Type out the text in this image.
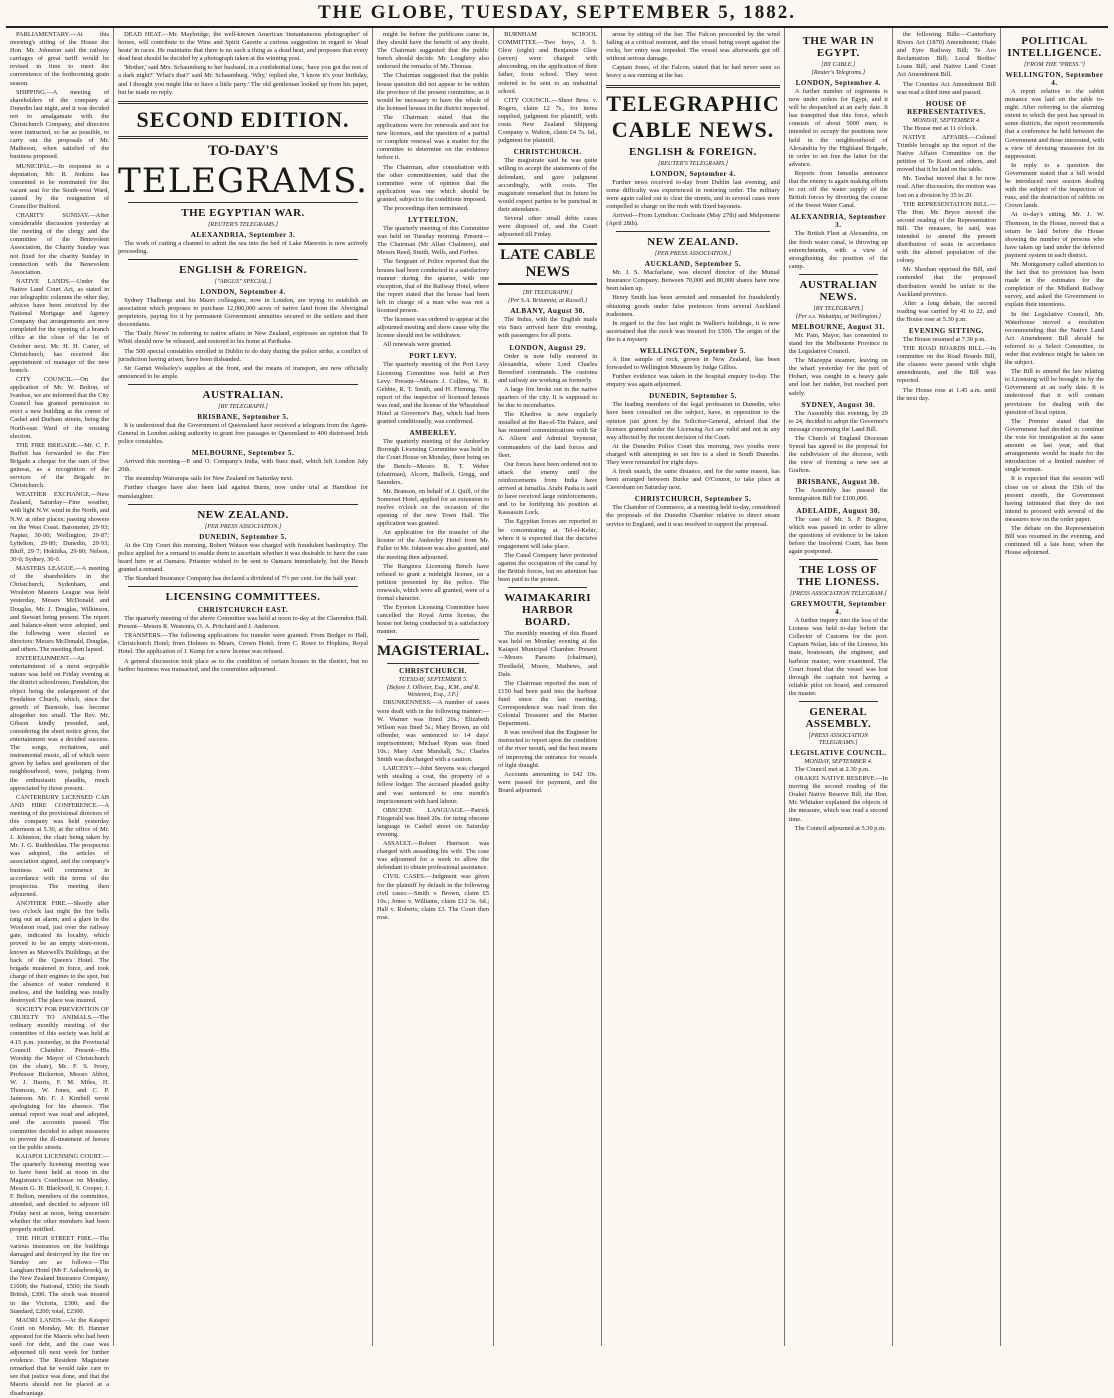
THE GLOBE, TUESDAY, SEPTEMBER 5, 1882.
PARLIAMENTARY.—At this morning's sitting of the House the Hon. Mr. Johnston said the railway carriages of great tariff would be revised in time to meet the convenience of the forthcoming grain season.
SHIPPING.—A meeting of shareholders of the company at Dunedin last night, and it was decided not to amalgamate with the Christchurch Company, and directors were instructed, so far as possible, to carry out the proposals of Mr. Matheson, when satisfied of the business proposed.
MUNICIPAL.—In response to a deputation, Mr. R. Jenkins has consented to be nominated for the vacant seat for the South-west Ward, caused by the resignation of Councillor Bulford.
CHARITY SUNDAY.—After considerable discussion yesterday at the meeting of the clergy and the committee of the Benevolent Association, the Charity Sunday was not fixed for the charity Sunday in connection with the Benevolent Association.
NATIVE LANDS.—Under the Native Land Court Act, as stated in our telegraphic columns the other day, advices have been received by the National Mortgage and Agency Company that arrangements are now completed for the opening of a branch office at the close of the 1st of October next. Mr. H. H. Carter, of Christchurch, has received the appointment of manager of the new branch.
CITY COUNCIL.—On the application of Mr. W. Bolton, of Ivanhoe, we are informed that the City Council has granted permission to erect a new building at the corner of Cashel and Durham streets, being the North-east Ward of the ensuing election.
THE FIRE BRIGADE.—Mr. C. F. Buffett has forwarded to the Fire Brigade a cheque for the sum of five guineas, as a recognition of the services of the Brigade in Christchurch.
WEATHER EXCHANGE.—New Zealand, Saturday—Fine weather, with light N.W. wind in the North, and N.W. at other places; passing showers on the West Coast. Barometer, 29·93; Napier, 30·00; Wellington, 29·87; Lyttelton, 29·80; Dunedin, 29·93; Bluff, 29·7; Hokitika, 29·80; Nelson, 30·0; Sydney, 30·0.
MASTERS LEAGUE.—A meeting of the shareholders in the Christchurch, Sydenham, and Woolston Masters League was held yesterday, Messrs McDonald and Douglas, Mr. J. Douglas, Wilkinson, and Stewart being present. The report and balance-sheet were adopted, and the following were elected as directors: Messrs McDonald, Douglas, and others. The meeting then lapsed.
ENTERTAINMENT.—An entertainment of a most enjoyable nature was held on Friday evening at the district schoolroom, Fendalton, the object being the enlargement of the Fendalton Church, which, since the growth of Burnside, has become altogether too small. The Rev. Mr. Gibson kindly presided, and, considering the short notice given, the entertainment was a decided success. The songs, recitations, and instrumental music, all of which were given by ladies and gentlemen of the neighbourhood, were, judging from the enthusiastic plaudits, much appreciated by those present.
CANTERBURY LICENSED CAB AND HIRE CONFERENCE.—A meeting of the provisional directors of this company was held yesterday afternoon at 5.30, at the office of Mr. J. Johnston, the chair being taken by Mr. J. G. Ruddenklau. The prospectus was adopted, the articles of association signed, and the company's business will commence in accordance with the terms of the prospectus. The meeting then adjourned.
ANOTHER FIRE.—Shortly after two o'clock last night the fire bells rang out an alarm, and a glare in the Woolston road, just over the railway gate, indicated its locality, which proved to be an empty store-room, known as Maxwell's Buildings, at the back of the Queen's Hotel. The brigade mustered in force, and took charge of their engines to the spot, but the absence of water rendered it useless, and the building was totally destroyed. The place was insured.
SOCIETY FOR PREVENTION OF CRUELTY TO ANIMALS.—The ordinary monthly meeting of the committee of this society was held at 4.15 p.m. yesterday, in the Provincial Council Chamber. Present—His Worship the Mayor of Christchurch (in the chair), Mr. F. S. Ivory, Professor Bickerton, Messrs Abbot, W. J. Harris, F. M. Miles, H. Thomson, W. Jones, and C. P. Jameson. Mr. F. J. Kimbell wrote apologising for his absence. The annual report was read and adopted, and the accounts passed. The committee decided to adopt measures to prevent the ill-treatment of horses on the public streets.
KAIAPOI LICENSING COURT.—The quarterly licensing meeting was to have been held at noon in the Magistrate's Courthouse on Monday. Messrs G. H. Blackwell, S. Cooper, J. F. Bolton, members of the committee, attended, and decided to adjourn till Friday next at noon, being uncertain whether the other members had been properly notified.
THE HIGH STREET FIRE.—The various insurances on the buildings damaged and destroyed by the fire on Sunday are as follows:—The Langham Hotel (Mr F. Aulsebrook), in the New Zealand Insurance Company, £1000; the National, £500; the South British, £300. The stock was insured in the Victoria, £300; and the Standard, £200; total, £2300.
MAORI LANDS.—At the Kaiapoi Court on Monday, Mr. H. Hanmer appeared for the Maoris who had been sued for debt, and the case was adjourned till next week for further evidence. The Resident Magistrate remarked that he would take care to see that justice was done, and that the Maoris should not be placed at a disadvantage.
DEAD HEAT.—Mr. Maybridge, the well-known American 'instantaneous photographer' of horses, will contribute to the Wine and Spirit Gazette a curious suggestion in regard to 'dead heats' in races. He maintains that there is no such a thing as a dead heat, and proposes that every dead heat should be decided by a photograph taken at the winning post.
'Mother,' said Mrs. Schaumburg to her husband, in a confidential tone, 'have you got the rest of a dark night?' 'What's that?' said Mr. Schaumburg. 'Why,' replied she, 'I know it's your birthday, and I thought you might like to have a little party.' The old gentleman looked up from his paper, but he made no reply.
SECOND EDITION.
TO-DAY'S
TELEGRAMS.
THE EGYPTIAN WAR.
[REUTER'S TELEGRAMS.]
ALEXANDRIA, September 3.
The work of cutting a channel to admit the sea into the bed of Lake Mareotis is now actively proceeding.
ENGLISH & FOREIGN.
["ARGUS" SPECIAL.]
LONDON, September 4.
Sydney Thalburgs and his Maori colleagues, now in London, are trying to establish an association which proposes to purchase 12,000,000 acres of native land from the Aboriginal proprietors, paying for it by permanent Government annuities secured to the settlers and their descendants.
The 'Daily News' in referring to native affairs in New Zealand, expresses an opinion that Te Whiti should now be released, and restored to his home at Parihaka.
The 500 special constables enrolled in Dublin to do duty during the police strike, a conflict of jurisdiction having arisen, have been disbanded.
Sir Garnet Wolseley's supplies at the front, and the means of transport, are now officially announced to be ample.
AUSTRALIAN.
[BY TELEGRAPH.]
BRISBANE, September 5.
It is understood that the Government of Queensland have received a telegram from the Agent-General in London asking authority to grant free passages to Queensland to 400 distressed Irish police constables.
MELBOURNE, September 5.
Arrived this morning—P. and O. Company's India, with Suez mail, which left London July 20th.
The steamship Wairarapa sails for New Zealand on Saturday next.
Further charges have also been laid against Burns, now under trial at Hamilton for manslaughter.
NEW ZEALAND.
[PER PRESS ASSOCIATION.]
DUNEDIN, September 5.
At the City Court this morning, Robert Watson was charged with fraudulent bankruptcy. The police applied for a remand to enable them to ascertain whether it was desirable to have the case heard here or at Oamaru. Prisoner wished to be sent to Oamaru immediately, but the Bench granted a remand.
The Standard Insurance Company has declared a dividend of 7½ per cent. for the half year.
LICENSING COMMITTEES.
CHRISTCHURCH EAST.
The quarterly meeting of the above Committee was held at noon to-day at the Clarendon Hall. Present—Messrs R. Westenra, O. A. Pritchard and J. Anderson.
TRANSFERS.—The following applications for transfer were granted: From Bodger to Hall, Christchurch Hotel; from Holmes to Mears, Crown Hotel; from C. Rowe to Hopkins, Royal Hotel. The application of J. Kemp for a new license was refused.
A general discussion took place as to the condition of certain houses in the district, but no further business was transacted, and the committee adjourned.
might be before the publicans came in, they should have the benefit of any doubt. The Chairman suggested that the public bench should decide. Mr. Loughrey also endorsed the remarks of Mr. Thomas.
The Chairman suggested that the public house question did not appear to be within the province of the present committee, as it would be necessary to have the whole of the licensed houses in the district inspected.
The Chairman stated that the applications were for renewals and not for new licenses, and the question of a partial or complete renewal was a matter for the committee to determine on the evidence before it.
The Chairman, after consultation with the other committeemen, said that the committee were of opinion that the application was one which should be granted, subject to the conditions imposed.
The proceedings then terminated.
LYTTELTON.
The quarterly meeting of this Committee was held on Tuesday morning. Present—The Chairman (Mr Allan Chalmers), and Messrs Reed, Smith, Wells, and Forbes.
The Sergeant of Police reported that the houses had been conducted in a satisfactory manner during the quarter, with one exception, that of the Railway Hotel, where the report stated that the house had been left in charge of a man who was not a licensed person.
The licensee was ordered to appear at the adjourned meeting and show cause why the license should not be withdrawn.
All renewals were granted.
PORT LEVY.
The quarterly meeting of the Port Levy Licensing Committee was held at Port Levy. Present—Messrs J. Collins, W. B. Gebbie, R. T. Smith, and H. Fleming. The report of the inspector of licensed houses was read, and the license of the Wheatsheaf Hotel at Governor's Bay, which had been granted conditionally, was confirmed.
AMBERLEY.
The quarterly meeting of the Amberley Borough Licensing Committee was held in the Court House on Monday, there being on the Bench—Messrs R. T. Weber (chairman), Alcorn, Bullock, Gregg, and Saunders.
Mr. Branson, on behalf of J. Quill, of the Somerset Hotel, applied for an extension to twelve o'clock on the occasion of the opening of the new Town Hall. The application was granted.
An application for the transfer of the license of the Amberley Hotel from Mr. Fuller to Mr. Johnson was also granted, and the meeting then adjourned.
The Rangiora Licensing Bench have refused to grant a midnight license, on a petition presented by the police. The renewals, which were all granted, were of a formal character.
The Eyreton Licensing Committee have cancelled the Royal Arms license, the house not being conducted in a satisfactory manner.
MAGISTERIAL.
CHRISTCHURCH.
TUESDAY, SEPTEMBER 5.
[Before J. Ollivier, Esq., R.M., and R. Westenra, Esq., J.P.]
DRUNKENNESS.—A number of cases were dealt with in the following manner:—W. Warner was fined 20s.; Elizabeth Wilson was fined 5s.; Mary Brown, an old offender, was sentenced to 14 days' imprisonment; Michael Ryan was fined 10s.; Mary Ann Marshall, 5s.; Charles Smith was discharged with a caution.
LARCENY.—John Stevens was charged with stealing a coat, the property of a fellow lodger. The accused pleaded guilty and was sentenced to one month's imprisonment with hard labour.
OBSCENE LANGUAGE.—Patrick Fitzgerald was fined 20s. for using obscene language in Cashel street on Saturday evening.
ASSAULT.—Robert Harrison was charged with assaulting his wife. The case was adjourned for a week to allow the defendant to obtain professional assistance.
CIVIL CASES.—Judgment was given for the plaintiff by default in the following civil cases:—Smith v. Brown, claim £5 10s.; Jones v. Williams, claim £12 3s. 6d.; Hall v. Roberts, claim £3. The Court then rose.
BURNHAM SCHOOL COMMITTEE.—Two boys, J. S. Glew (eight) and Benjamin Glew (seven) were charged with absconding, on the application of their father, from school. They were ordered to be sent to an industrial school.
CITY COUNCIL.—Sheet Bros. v. Rogers, claim £2 7s., for items supplied, judgment for plaintiff, with costs. New Zealand Shipping Company v. Walton, claim £4 7s. 6d., judgment for plaintiff.
CHRISTCHURCH.
The magistrate said he was quite willing to accept the statements of the defendant, and gave judgment accordingly, with costs. The magistrate remarked that in future he would expect parties to be punctual in their attendance.
Several other small debts cases were disposed of, and the Court adjourned till Friday.
LATE CABLE NEWS
[BY TELEGRAPH.]
[Per S.A. Britannia, at Russell.]
ALBANY, August 30.
The Indus, with the English mails via Suez arrived here this evening, with passengers for all ports.
LONDON, August 29.
Order is now fully restored in Alexandria, where Lord Charles Beresford commands. The customs and railway are working as formerly.
A large fire broke out in the native quarters of the city. It is supposed to be due to incendiaries.
The Khedive is now regularly installed at the Ras-el-Tin Palace, and has resumed communications with Sir A. Alison and Admiral Seymour, commanders of the land forces and fleet.
Our forces have been ordered not to attack the enemy until the reinforcements from India have arrived at Ismailia. Arabi Pasha is said to have received large reinforcements, and to be fortifying his position at Kassassin Lock.
The Egyptian forces are reported to be concentrating at Tel-el-Kebir, where it is expected that the decisive engagement will take place.
The Canal Company have protested against the occupation of the canal by the British forces, but no attention has been paid to the protest.
WAIMAKARIRI HARBOR BOARD.
The monthly meeting of this Board was held on Monday evening at the Kaiapoi Municipal Chamber. Present—Messrs Parsons (chairman), Threlkeld, Moore, Mathews, and Dale.
The Chairman reported the sum of £150 had been paid into the harbour fund since the last meeting. Correspondence was read from the Colonial Treasurer and the Marine Department.
It was resolved that the Engineer be instructed to report upon the condition of the river mouth, and the best means of improving the entrance for vessels of light draught.
Accounts amounting to £42 10s. were passed for payment, and the Board adjourned.
arose by sitting of the bar. The Falcon proceeded by the wind failing at a critical moment, and the vessel being swept against the rocks, her entry was impeded. The vessel was afterwards got off without serious damage.
Captain Jones, of the Falcon, stated that he had never seen so heavy a sea running at the bar.
TELEGRAPHIC
CABLE NEWS.
ENGLISH & FOREIGN.
[REUTER'S TELEGRAMS.]
LONDON, September 4.
Further news received to-day from Dublin last evening, and some difficulty was experienced in restoring order. The military were again called out to clear the streets, and in several cases were compelled to charge on the mob with fixed bayonets.
Arrived—From Lyttelton: Cochrane (May 27th) and Melpomene (April 28th).
NEW ZEALAND.
[PER PRESS ASSOCIATION.]
AUCKLAND, September 5.
Mr. J. S. Macfarlane, was elected director of the Mutual Insurance Company. Between 70,000 and 80,000 shares have now been taken up.
Henry Smith has been arrested and remanded for fraudulently obtaining goods under false pretences from several Auckland tradesmen.
In regard to the fire last night in Walker's buildings, it is now ascertained that the stock was insured for £500. The origin of the fire is a mystery.
WELLINGTON, September 5.
A fine sample of rock, grown in New Zealand, has been forwarded to Wellington Museum by Judge Gillies.
Further evidence was taken in the hospital enquiry to-day. The enquiry was again adjourned.
DUNEDIN, September 5.
The leading members of the legal profession in Dunedin, who have been consulted on the subject, have, in opposition to the opinion just given by the Solicitor-General, advised that the licenses granted under the Licensing Act are valid and not in any way affected by the recent decision of the Court.
At the Dunedin Police Court this morning, two youths were charged with attempting to set fire to a shed in South Dunedin. They were remanded for eight days.
A fresh snatch, the same distance, and for the same reason, has been arranged between Burke and O'Connor, to take place at Caversham on Saturday next.
CHRISTCHURCH, September 5.
The Chamber of Commerce, at a meeting held to-day, considered the proposals of the Dunedin Chamber relative to direct steam service to England, and it was resolved to support the proposal.
THE WAR IN EGYPT.
[BY CABLE.]
[Reuter's Telegrams.]
LONDON, September 4.
A further number of regiments is now under orders for Egypt, and it will be despatched at an early date. It has transpired that this force, which consists of about 5000 men, is intended to occupy the positions now held in the neighbourhood of Alexandria by the Highland Brigade, in order to set free the latter for the advance.
Reports from Ismailia announce that the enemy is again making efforts to cut off the water supply of the British forces by diverting the course of the Sweet Water Canal.
ALEXANDRIA, September 3.
The British Fleet at Alexandria, on the fresh water canal, is throwing up entrenchments, with a view of strengthening the position of the camp.
AUSTRALIAN NEWS.
[BY TELEGRAPH.]
[Per s.s. Wakatipu, at Wellington.]
MELBOURNE, August 31.
Mr. Pain, Mayor, has consented to stand for the Melbourne Province in the Legislative Council.
The Mazeppa steamer, leaving on the wharf yesterday for the port of Hobart, was caught in a heavy gale and lost her rudder, but reached port safely.
SYDNEY, August 30.
The Assembly this evening, by 29 to 24, decided to adopt the Governor's message concerning the Land Bill.
The Church of England Diocesan Synod has agreed to the proposal for the subdivision of the diocese, with the view of forming a new see at Grafton.
BRISBANE, August 30.
The Assembly has passed the Immigration Bill for £100,000.
ADELAIDE, August 30.
The case of Mr. S. P. Burgess, which was passed in order to allow the questions of evidence to be taken before the Insolvent Court, has been again postponed.
THE LOSS OF THE LIONESS.
[PRESS ASSOCIATION TELEGRAM.]
GREYMOUTH, September 4.
A further inquiry into the loss of the Lioness was held to-day before the Collector of Customs for the port. Captain Nolan, late of the Lioness, his mate, boatswain, the engineer, and harbour master, were examined. The Court found that the vessel was lost through the captain not having a reliable pilot on board, and censured the master.
GENERAL ASSEMBLY.
[PRESS ASSOCIATION TELEGRAMS.]
LEGISLATIVE COUNCIL.
MONDAY, SEPTEMBER 4.
The Council met at 2.30 p.m.
ORAKEI NATIVE RESERVE.—In moving the second reading of the Orakei Native Reserve Bill, the Hon. Mr. Whitaker explained the objects of the measure, which was read a second time.
The Council adjourned at 5.30 p.m.
the following Bills:—Canterbury Rivers Act (1870) Amendment; Otaki and Eyre Railway Bill; Te Aro Reclamation Bill; Local Bodies' Loans Bill, and Native Land Court Act Amendment Bill.
The Counties Act Amendment Bill was read a third time and passed.
HOUSE OF REPRESENTATIVES.
MONDAY, SEPTEMBER 4.
The House met at 11 o'clock.
NATIVE AFFAIRS.—Colonel Trimble brought up the report of the Native Affairs Committee on the petition of Te Kooti and others, and moved that it be laid on the table.
Mr. Tawhai moved that it be now read. After discussion, the motion was lost on a division by 35 to 20.
THE REPRESENTATION BILL.—The Hon. Mr. Bryce moved the second reading of the Representation Bill. The measure, he said, was intended to amend the present distribution of seats in accordance with the altered population of the colony.
Mr. Sheehan opposed the Bill, and contended that the proposed distribution would be unfair to the Auckland province.
After a long debate, the second reading was carried by 41 to 22, and the House rose at 5.30 p.m.
EVENING SITTING.
The House resumed at 7.30 p.m.
THE ROAD BOARDS BILL.—In committee on the Road Boards Bill, the clauses were passed with slight amendments, and the Bill was reported.
The House rose at 1.45 a.m. until the next day.
POLITICAL INTELLIGENCE.
[FROM THE "PRESS."]
WELLINGTON, September 4.
A report relative to the rabbit nuisance was laid on the table to-night. After referring to the alarming extent to which the pest has spread in some districts, the report recommends that a conference be held between the Government and those interested, with a view of devising measures for its suppression.
In reply to a question the Government stated that a bill would be introduced next session dealing with the subject of the inspection of runs, and the destruction of rabbits on Crown lands.
At to-day's sitting, Mr. J. W. Thomson, in the House, moved that a return be laid before the House showing the number of persons who have taken up land under the deferred payment system in each district.
Mr. Montgomery called attention to the fact that no provision has been made in the estimates for the completion of the Midland Railway survey, and asked the Government to explain their intentions.
In the Legislative Council, Mr. Waterhouse moved a resolution recommending that the Native Land Act Amendment Bill should be referred to a Select Committee, in order that evidence might be taken on the subject.
The Bill to amend the law relating to Licensing will be brought in by the Government at an early date. It is understood that it will contain provisions for dealing with the question of local option.
The Premier stated that the Government had decided to continue the vote for immigration at the same amount as last year, and that arrangements would be made for the introduction of a limited number of single women.
It is expected that the session will close on or about the 15th of the present month, the Government having intimated that they do not intend to proceed with several of the measures now on the order paper.
The debate on the Representation Bill was resumed in the evening, and continued till a late hour, when the House adjourned.
